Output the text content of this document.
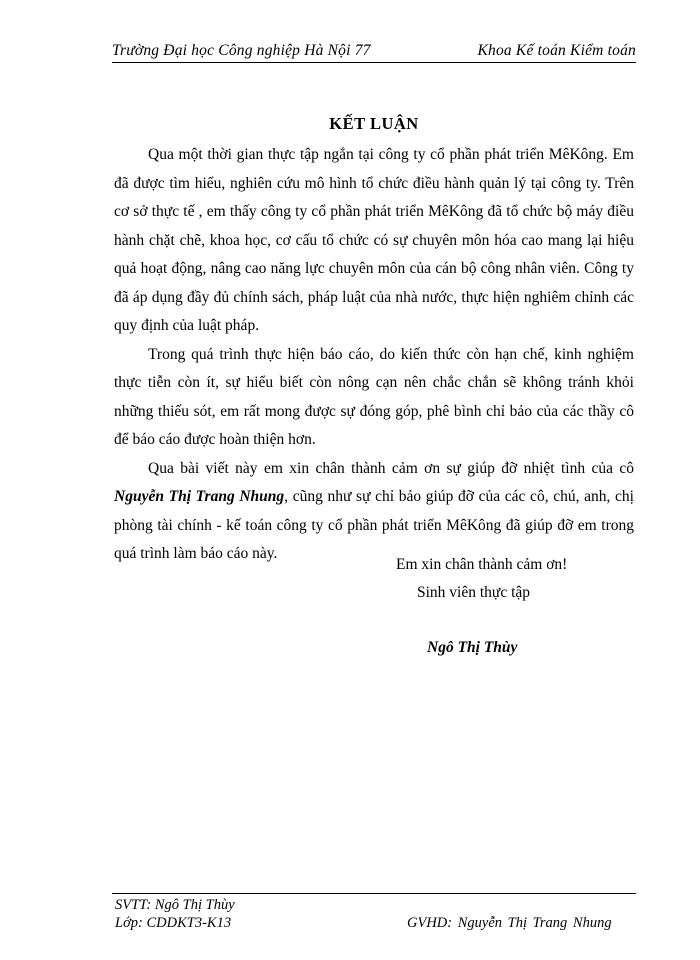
Trường Đại học Công nghiệp Hà Nội 77	Khoa Kế toán Kiểm toán
KẾT LUẬN

Qua một thời gian thực tập ngắn tại công ty cổ phần phát triển MêKông. Em đã được tìm hiểu, nghiên cứu mô hình tổ chức điều hành quản lý tại công ty. Trên cơ sở thực tế , em thấy công ty cổ phần phát triển MêKông đã tổ chức bộ máy điều hành chặt chẽ, khoa học, cơ cấu tổ chức có sự chuyên môn hóa cao mang lại hiệu quả hoạt động, nâng cao năng lực chuyên môn của cán bộ công nhân viên. Công ty đã áp dụng đầy đủ chính sách, pháp luật của nhà nước, thực hiện nghiêm chỉnh các quy định của luật pháp.

Trong quá trình thực hiện báo cáo, do kiến thức còn hạn chế, kinh nghiệm thực tiễn còn ít, sự hiểu biết còn nông cạn nên chắc chắn sẽ không tránh khỏi những thiếu sót, em rất mong được sự đóng góp, phê bình chỉ bảo của các thầy cô để báo cáo được hoàn thiện hơn.

Qua bài viết này em xin chân thành cảm ơn sự giúp đỡ nhiệt tình của cô Nguyễn Thị Trang Nhung, cũng như sự chỉ bảo giúp đỡ của các cô, chú, anh, chị phòng tài chính - kế toán công ty cổ phần phát triển MêKông đã giúp đỡ em trong quá trình làm báo cáo này.

Em xin chân thành cảm ơn!
Sinh viên thực tập
Ngô Thị Thùy
SVTT: Ngô Thị Thùy
Lớp: CDDKT3-K13	GVHD: Nguyễn Thị Trang Nhung
